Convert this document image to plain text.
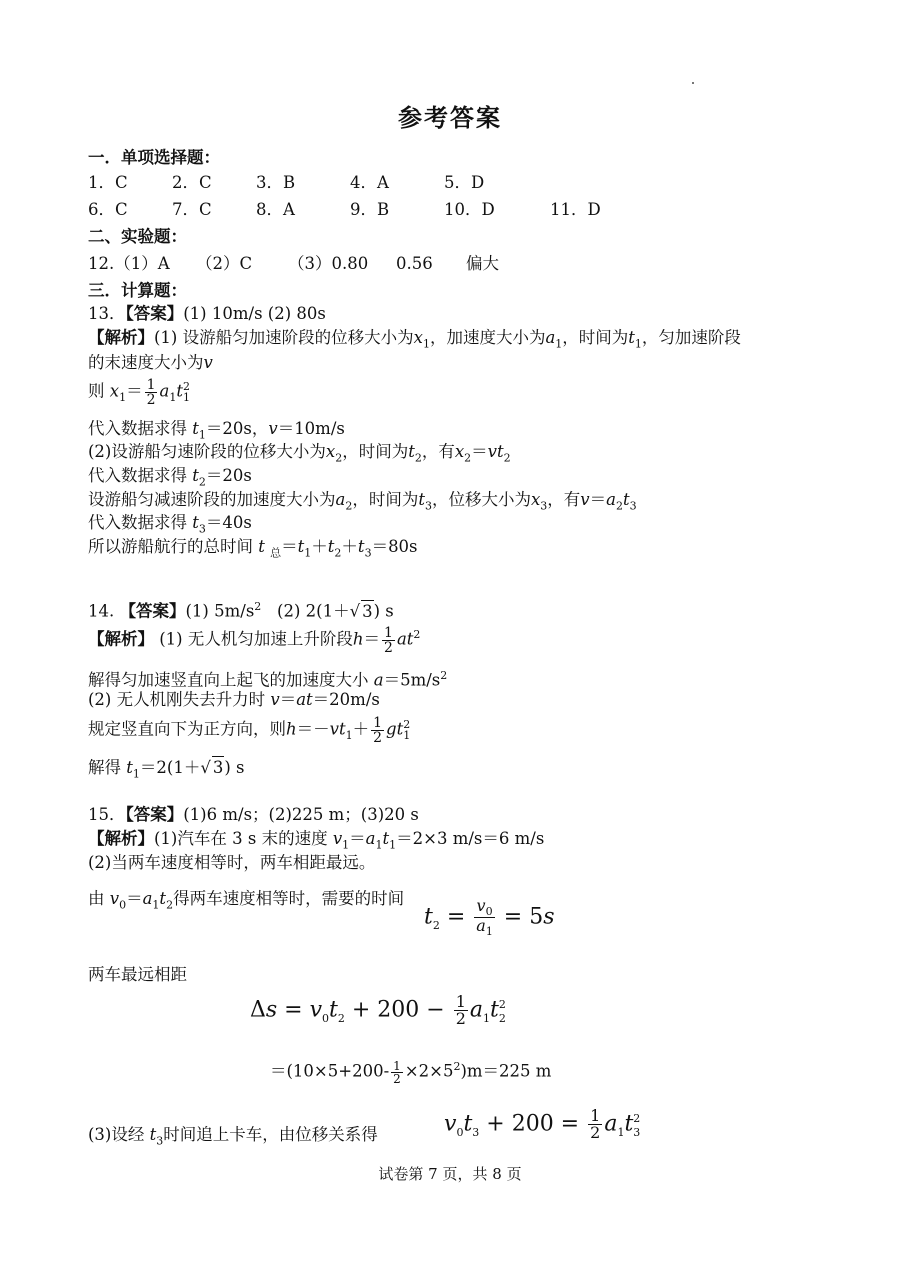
参考答案
一．单项选择题：
1．C	2．C	3．B	4．A	5．D
6．C	7．C	8．A	9．B	10．D	11．D
二、实验题：
12.（1）A （2）C （3）0.80 0.56 偏大
三．计算题：
13．【答案】(1) 10m/s (2) 80s
【解析】(1) 设游船匀加速阶段的位移大小为$x_1$，加速度大小为$a_1$，时间为$t_1$，匀加速阶段
的末速度大小为v
则 $x_1= \frac{1}{2} a_1t^2_1$
代入数据求得 $t_1=20s$，v＝10m/s
(2)设游船匀速阶段的位移大小为$x_2$，时间为$t_2$，有$x_2=vt_2$
代入数据求得 $t_2=20s$
设游船匀减速阶段的加速度大小为$a_2$，时间为$t_3$，位移大小为$x_3$，有$v=a_2t_3$
代入数据求得 $t_3=40s$
所以游船航行的总时间 t $_总=t_1+t_2+t_3=80s$
14. 【答案】(1) $5m/s^2$ (2) 2(1＋√ 3) s
【解析】 (1) 无人机匀加速上升阶段$h= \frac{1}{2} at^2$
解得匀加速竖直向上起飞的加速度大小 $a=5m/s^2$
(2) 无人机刚失去升力时 v＝at＝20m/s
规定竖直向下为正方向，则$h=-vt_1+ \frac{1}{2} gt^2_1$
解得 $t_1=2(1+√$ 3) s
15．【答案】(1)6 m/s；(2)225 m；(3)20 s
【解析】(1)汽车在 3 s 末的速度 $v_1=a_1t_1=2\times 3$ m/s＝6 m/s
(2)当两车速度相等时，两车相距最远。
由 $v_0=a_1t_2$得两车速度相等时，需要的时间
$t_2 = \frac{v_0}{a_1} = 5s$
两车最远相距
$\Delta s = v_0t_2 + 200 - \frac{1}{2} a_1t^2_2$
$=(10\times 5+200- \frac{1}{2} \times 2\times 5^2)m=225$ m
(3)设经 $t_3$时间追上卡车，由位移关系得	$v_0t_3 + 200 = \frac{1}{2} a_1t^2_3$
试卷第 7 页，共 8 页
